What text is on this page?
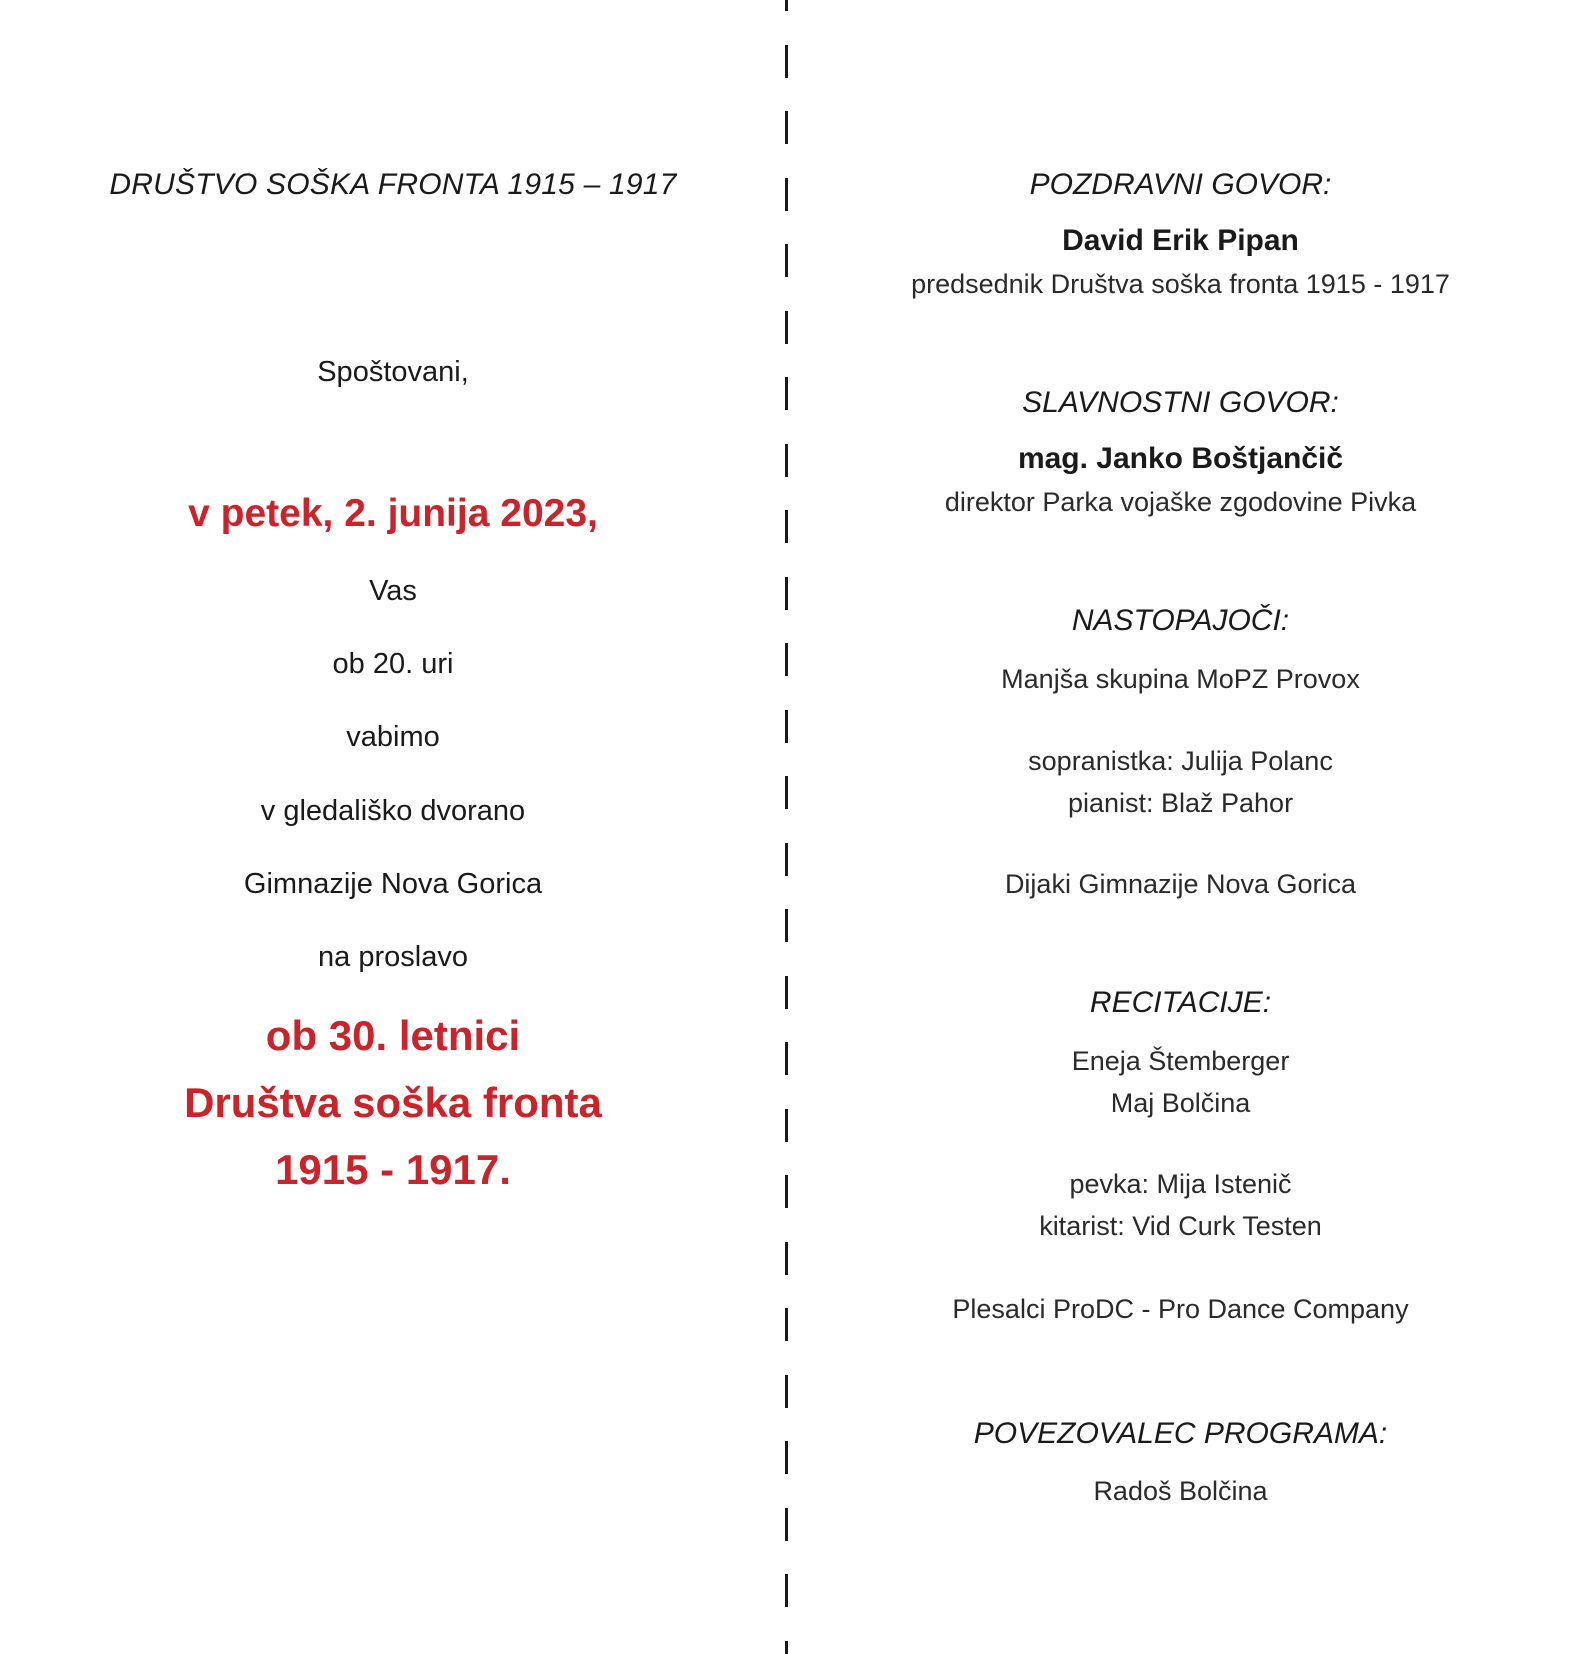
DRUŠTVO SOŠKA FRONTA 1915 – 1917
Spoštovani,
v petek, 2. junija 2023,
Vas
ob 20. uri
vabimo
v gledališko dvorano
Gimnazije Nova Gorica
na proslavo
ob 30. letnici
Društva soška fronta
1915 - 1917.
POZDRAVNI GOVOR:
David Erik Pipan
predsednik Društva soška fronta 1915 - 1917
SLAVNOSTNI GOVOR:
mag. Janko Boštjančič
direktor Parka vojaške zgodovine Pivka
NASTOPAJOČI:
Manjša skupina MoPZ Provox
sopranistka: Julija Polanc
pianist: Blaž Pahor
Dijaki Gimnazije Nova Gorica
RECITACIJE:
Eneja Štemberger
Maj Bolčina
pevka: Mija Istenič
kitarist: Vid Curk Testen
Plesalci ProDC - Pro Dance Company
POVEZOVALEC PROGRAMA:
Radoš Bolčina
